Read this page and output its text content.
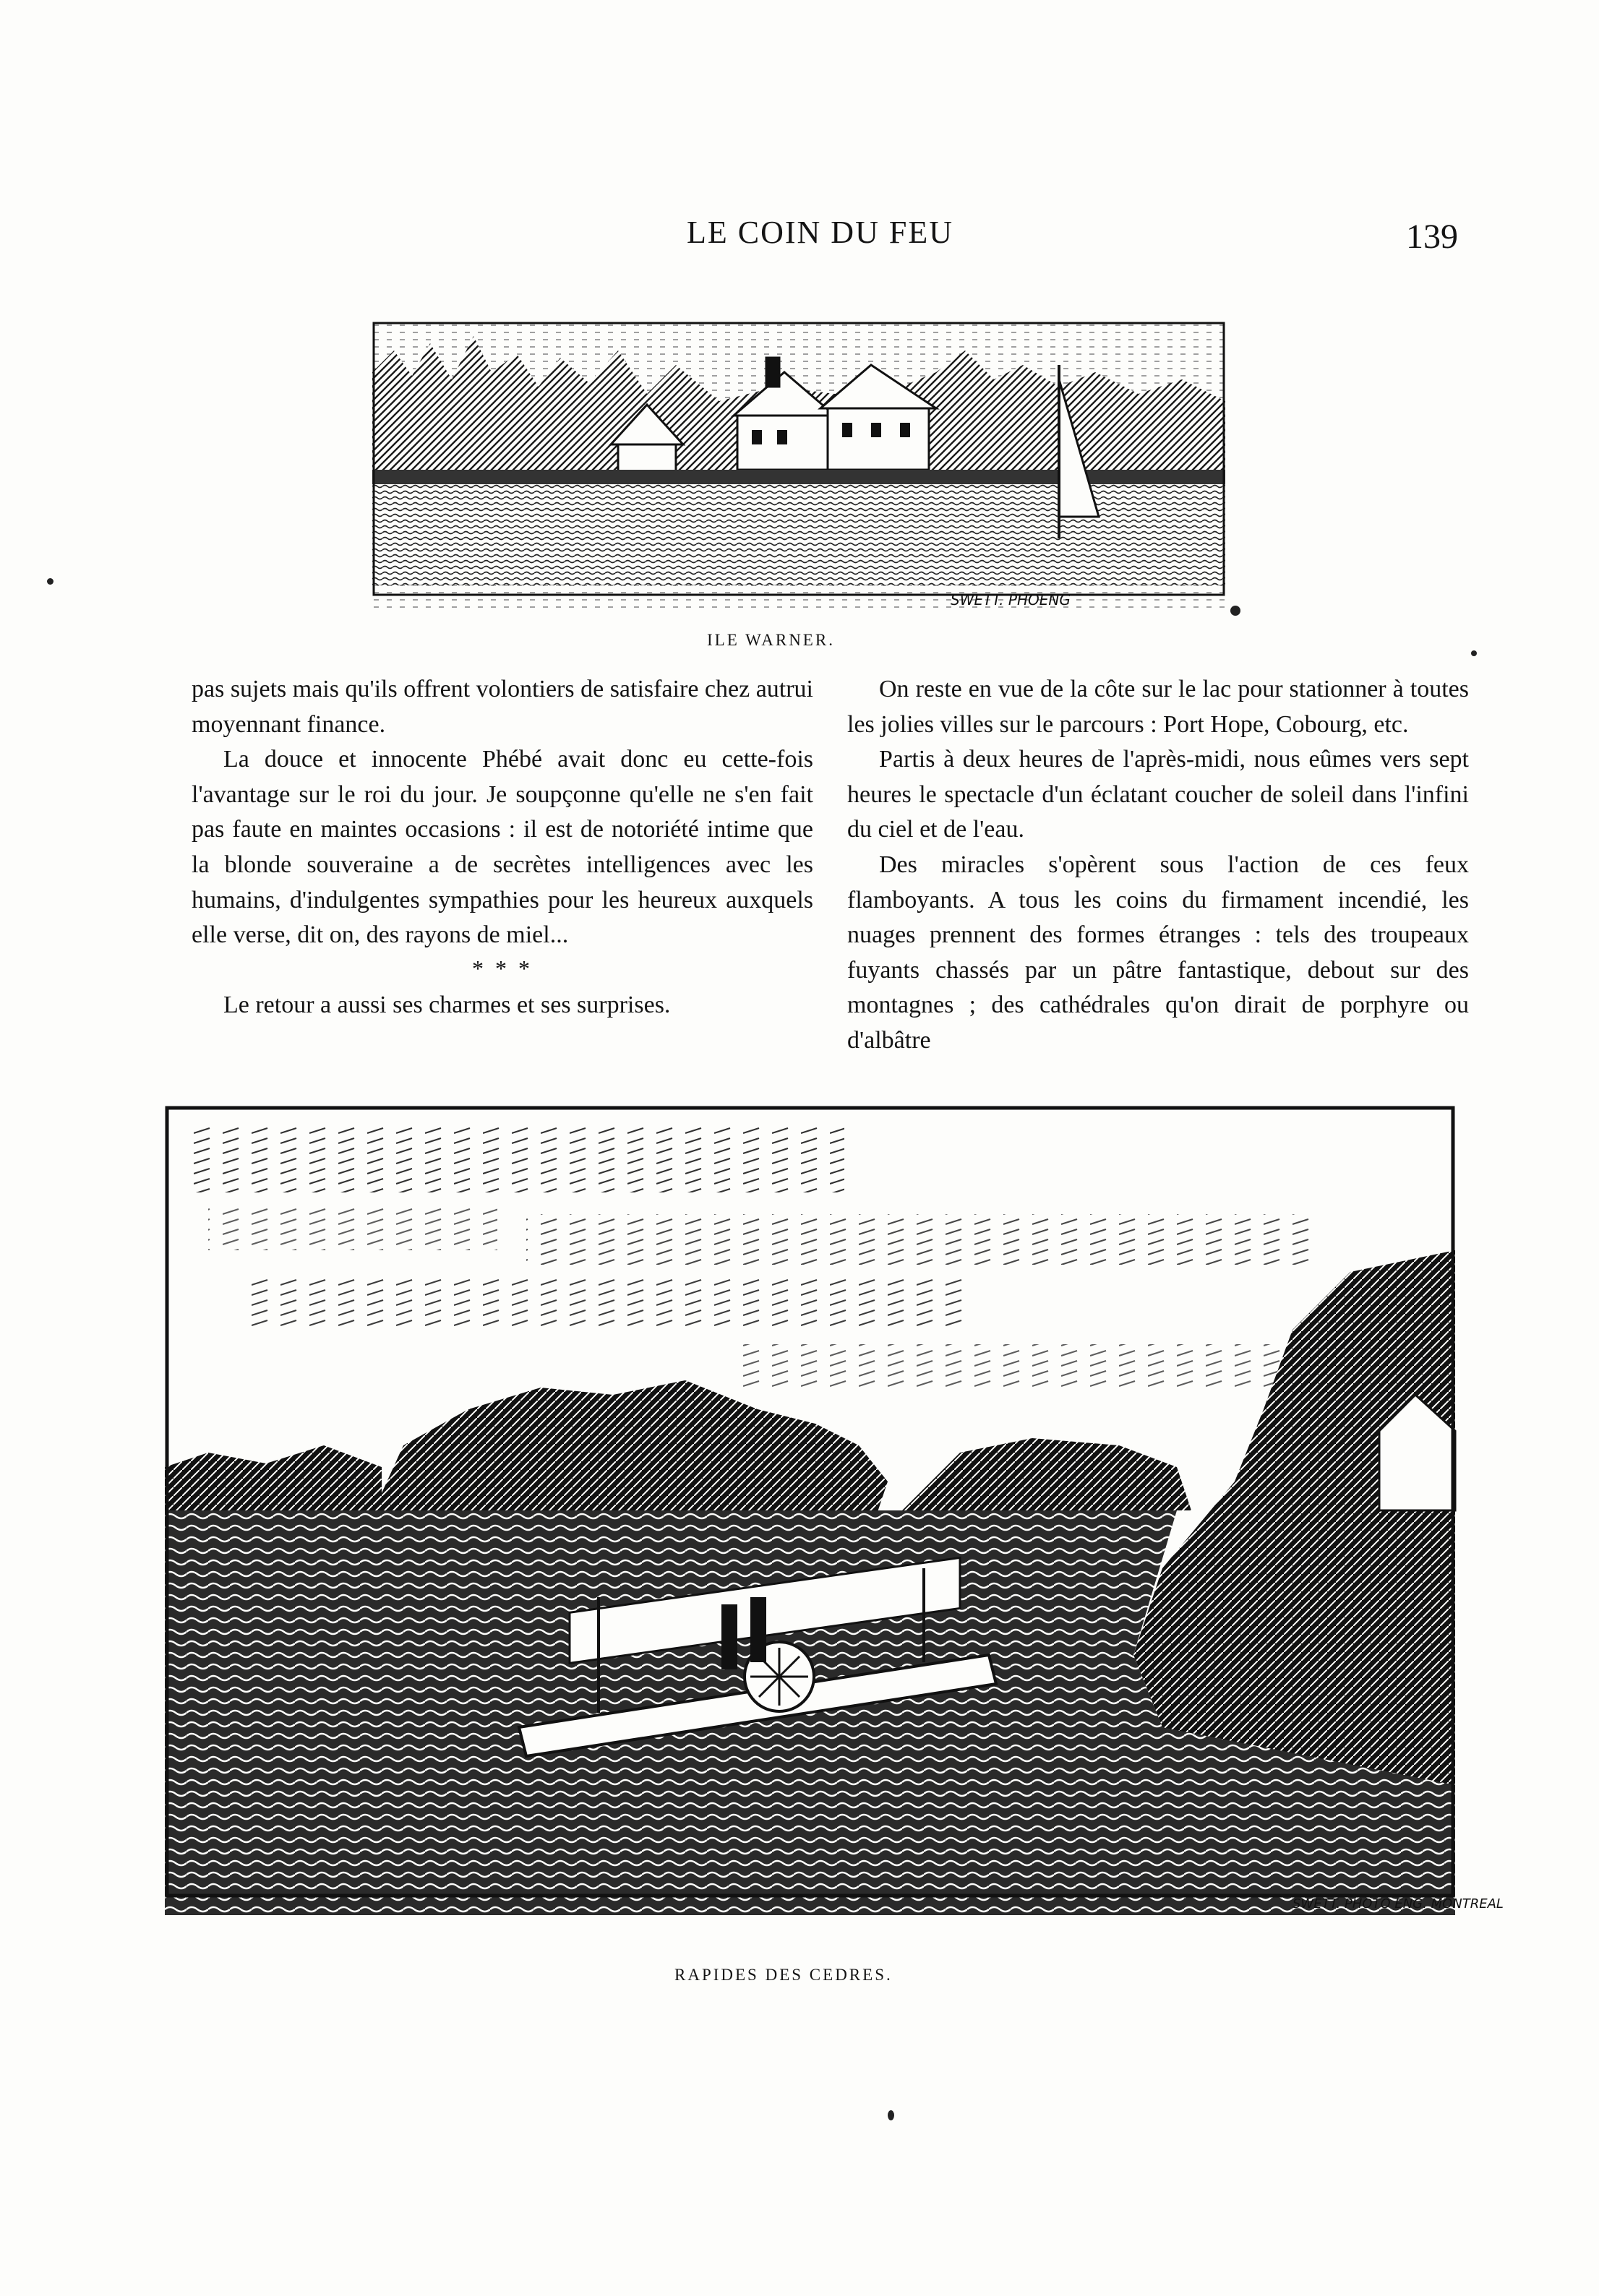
LE COIN DU FEU	139
SWETT. PHOENG
ILE WARNER.

pas sujets mais qu'ils offrent volontiers de satisfaire chez autrui moyennant finance.

La douce et innocente Phébé avait donc eu cette-fois l'avantage sur le roi du jour. Je soupçonne qu'elle ne s'en fait pas faute en maintes occasions : il est de notoriété intime que la blonde souveraine a de secrètes intelligences avec les humains, d'indulgentes sympathies pour les heureux auxquels elle verse, dit on, des rayons de miel...

* * *

Le retour a aussi ses charmes et ses surprises.

On reste en vue de la côte sur le lac pour stationner à toutes les jolies villes sur le parcours : Port Hope, Cobourg, etc.

Partis à deux heures de l'après-midi, nous eûmes vers sept heures le spectacle d'un éclatant coucher de soleil dans l'infini du ciel et de l'eau.

Des miracles s'opèrent sous l'action de ces feux flamboyants. A tous les coins du firmament incendié, les nuages prennent des formes étranges : tels des troupeaux fuyants chassés par un pâtre fantastique, debout sur des montagnes ; des cathédrales qu'on dirait de porphyre ou d'albâtre

SWETT. PHOTO ENG. MONTREAL
RAPIDES DES CEDRES.
